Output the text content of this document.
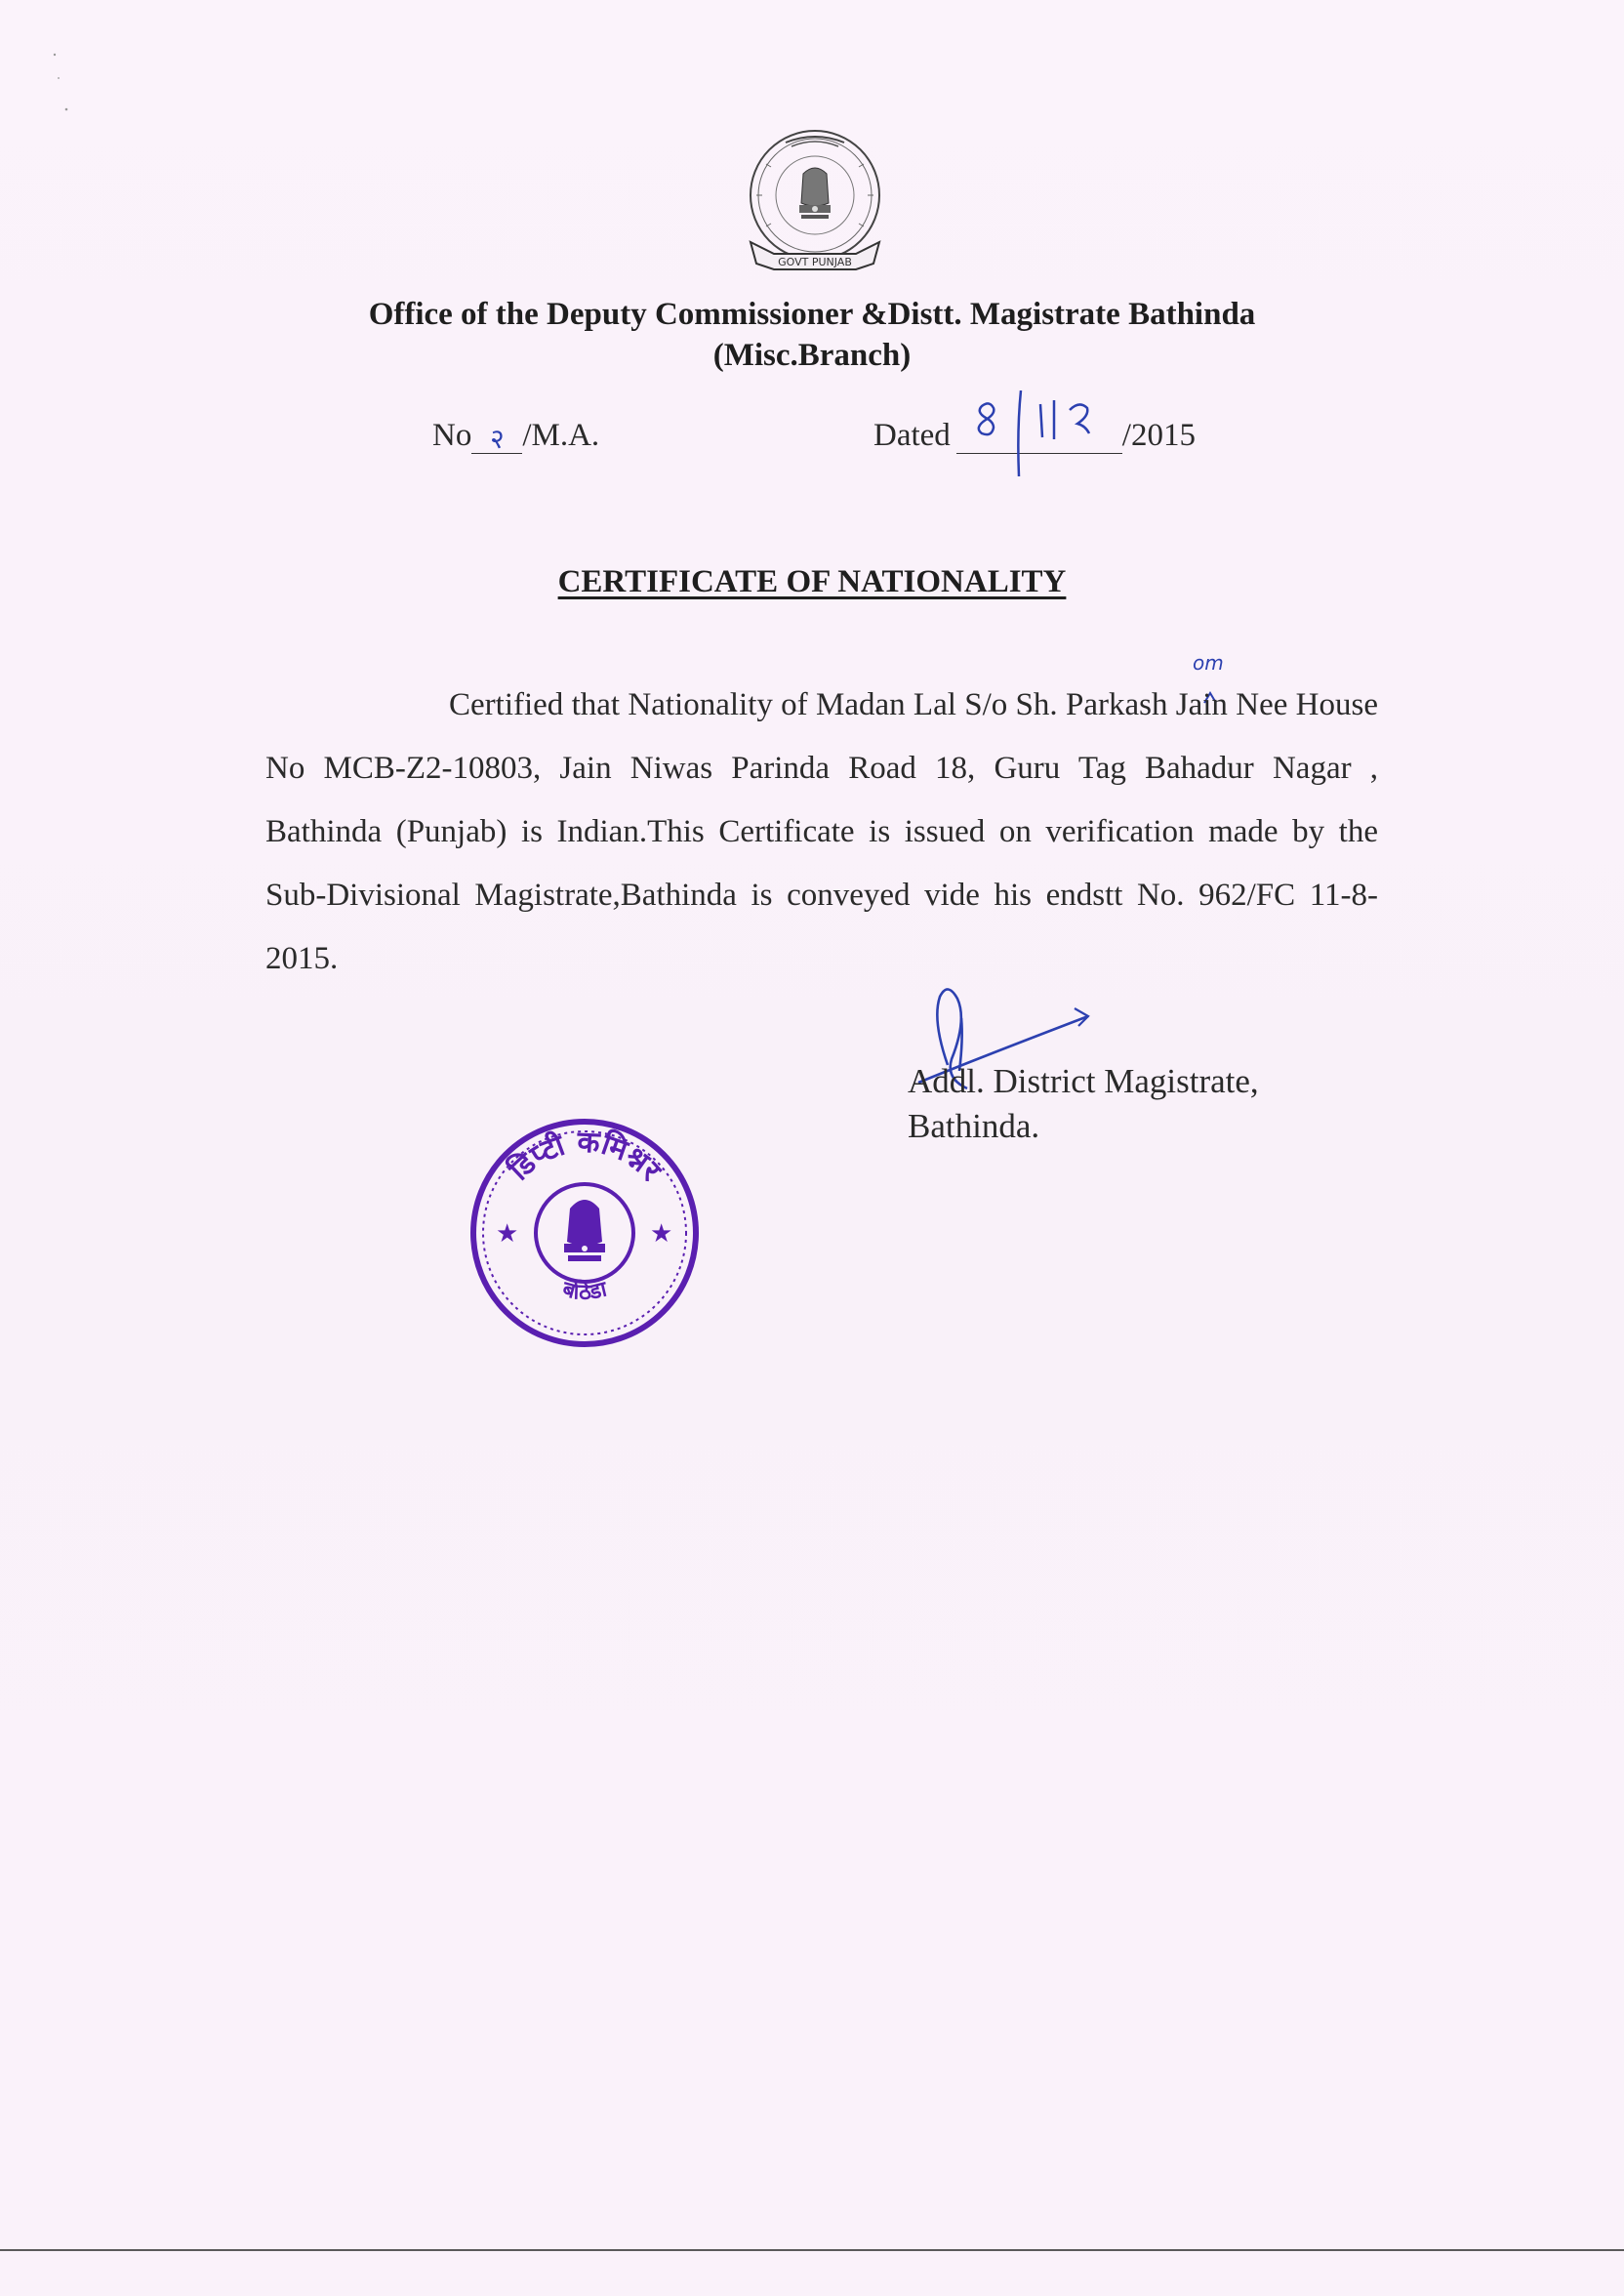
GOVT PUNJAB
Office of the Deputy Commissioner &Distt. Magistrate Bathinda
(Misc.Branch)
No २ /M.A.	Dated	/2015
CERTIFICATE OF NATIONALITY
om
Certified that Nationality of Madan Lal S/o Sh. Parkash Jain Nee House No MCB-Z2-10803, Jain Niwas Parinda Road 18, Guru Tag Bahadur Nagar , Bathinda (Punjab) is Indian.This Certificate is issued on verification made by the Sub-Divisional Magistrate,Bathinda is conveyed vide his endstt No. 962/FC 11-8-2015.
Addl. District Magistrate,
Bathinda.
डिप्टी कमिश्नर
बठिंडा
★	★
